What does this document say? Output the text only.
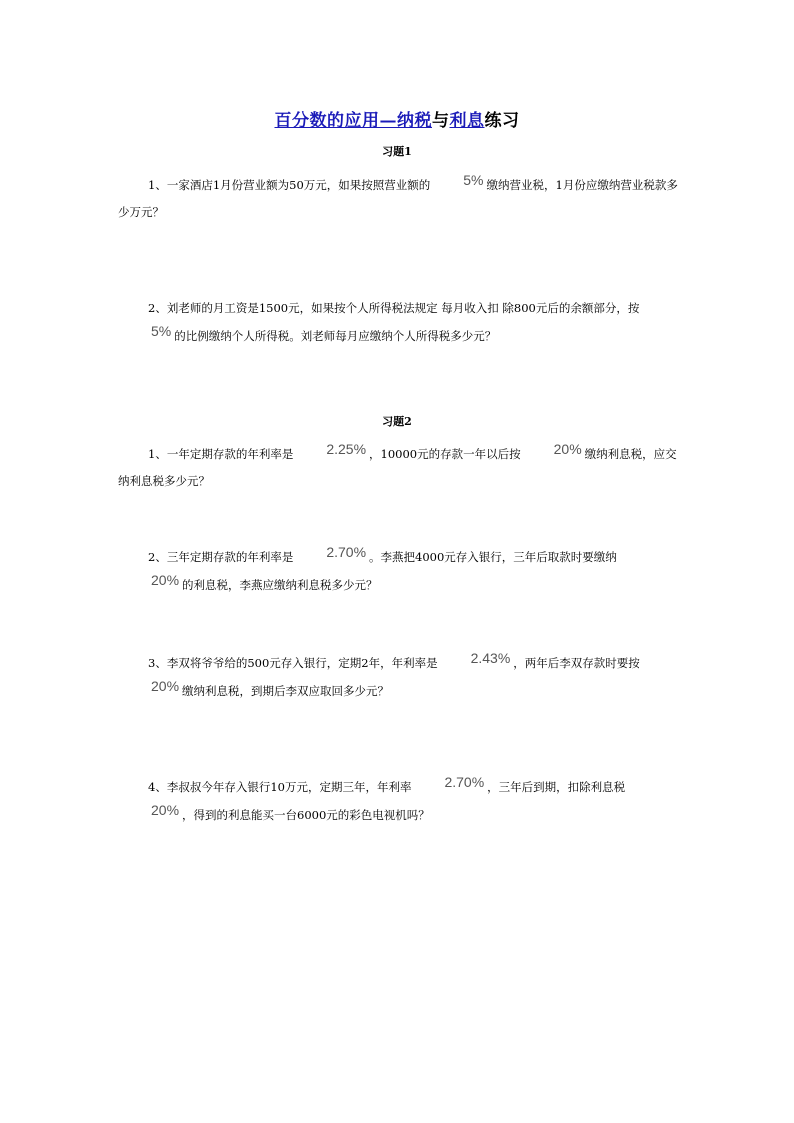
百分数的应用—纳税与利息练习
习题1
1、一家酒店1月份营业额为50万元，如果按照营业额的 5% 缴纳营业税，1月份应缴纳营业税款多少万元？
2、刘老师的月工资是1500元，如果按个人所得税法规定 每月收入扣 除800元后的余额部分，按5% 的比例缴纳个人所得税。刘老师每月应缴纳个人所得税多少元？
习题2
1、一年定期存款的年利率是 2.25% ，10000元的存款一年以后按 20% 缴纳利息税，应交纳利息税多少元？
2、三年定期存款的年利率是 2.70% 。李燕把4000元存入银行，三年后取款时要缴纳20% 的利息税，李燕应缴纳利息税多少元？
3、李双将爷爷给的500元存入银行，定期2年，年利率是 2.43% ，两年后李双存款时要按20% 缴纳利息税，到期后李双应取回多少元？
4、李叔叔今年存入银行10万元，定期三年，年利率 2.70% ，三年后到期，扣除利息税20% ，得到的利息能买一台6000元的彩色电视机吗？
